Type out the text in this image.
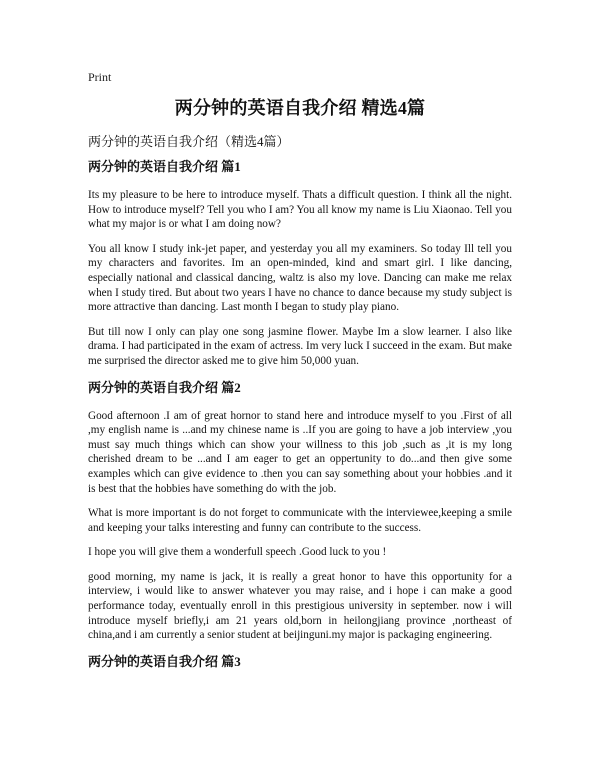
Print
两分钟的英语自我介绍 精选4篇
两分钟的英语自我介绍（精选4篇）
两分钟的英语自我介绍 篇1

Its my pleasure to be here to introduce myself. Thats a difficult question. I think all the night. How to introduce myself? Tell you who I am? You all know my name is Liu Xiaonao. Tell you what my major is or what I am doing now?

You all know I study ink-jet paper, and yesterday you all my examiners. So today Ill tell you my characters and favorites. Im an open-minded, kind and smart girl. I like dancing, especially national and classical dancing, waltz is also my love. Dancing can make me relax when I study tired. But about two years I have no chance to dance because my study subject is more attractive than dancing. Last month I began to study play piano.

But till now I only can play one song jasmine flower. Maybe Im a slow learner. I also like drama. I had participated in the exam of actress. Im very luck I succeed in the exam. But make me surprised the director asked me to give him 50,000 yuan.

两分钟的英语自我介绍 篇2

Good afternoon .I am of great hornor to stand here and introduce myself to you .First of all ,my english name is ...and my chinese name is ..If you are going to have a job interview ,you must say much things which can show your willness to this job ,such as ,it is my long cherished dream to be ...and I am eager to get an oppertunity to do...and then give some examples which can give evidence to .then you can say something about your hobbies .and it is best that the hobbies have something do with the job.

What is more important is do not forget to communicate with the interviewee,keeping a smile and keeping your talks interesting and funny can contribute to the success.

I hope you will give them a wonderfull speech .Good luck to you !

good morning, my name is jack, it is really a great honor to have this opportunity for a interview, i would like to answer whatever you may raise, and i hope i can make a good performance today, eventually enroll in this prestigious university in september. now i will introduce myself briefly,i am 21 years old,born in heilongjiang province ,northeast of china,and i am currently a senior student at beijinguni.my major is packaging engineering.

两分钟的英语自我介绍 篇3
